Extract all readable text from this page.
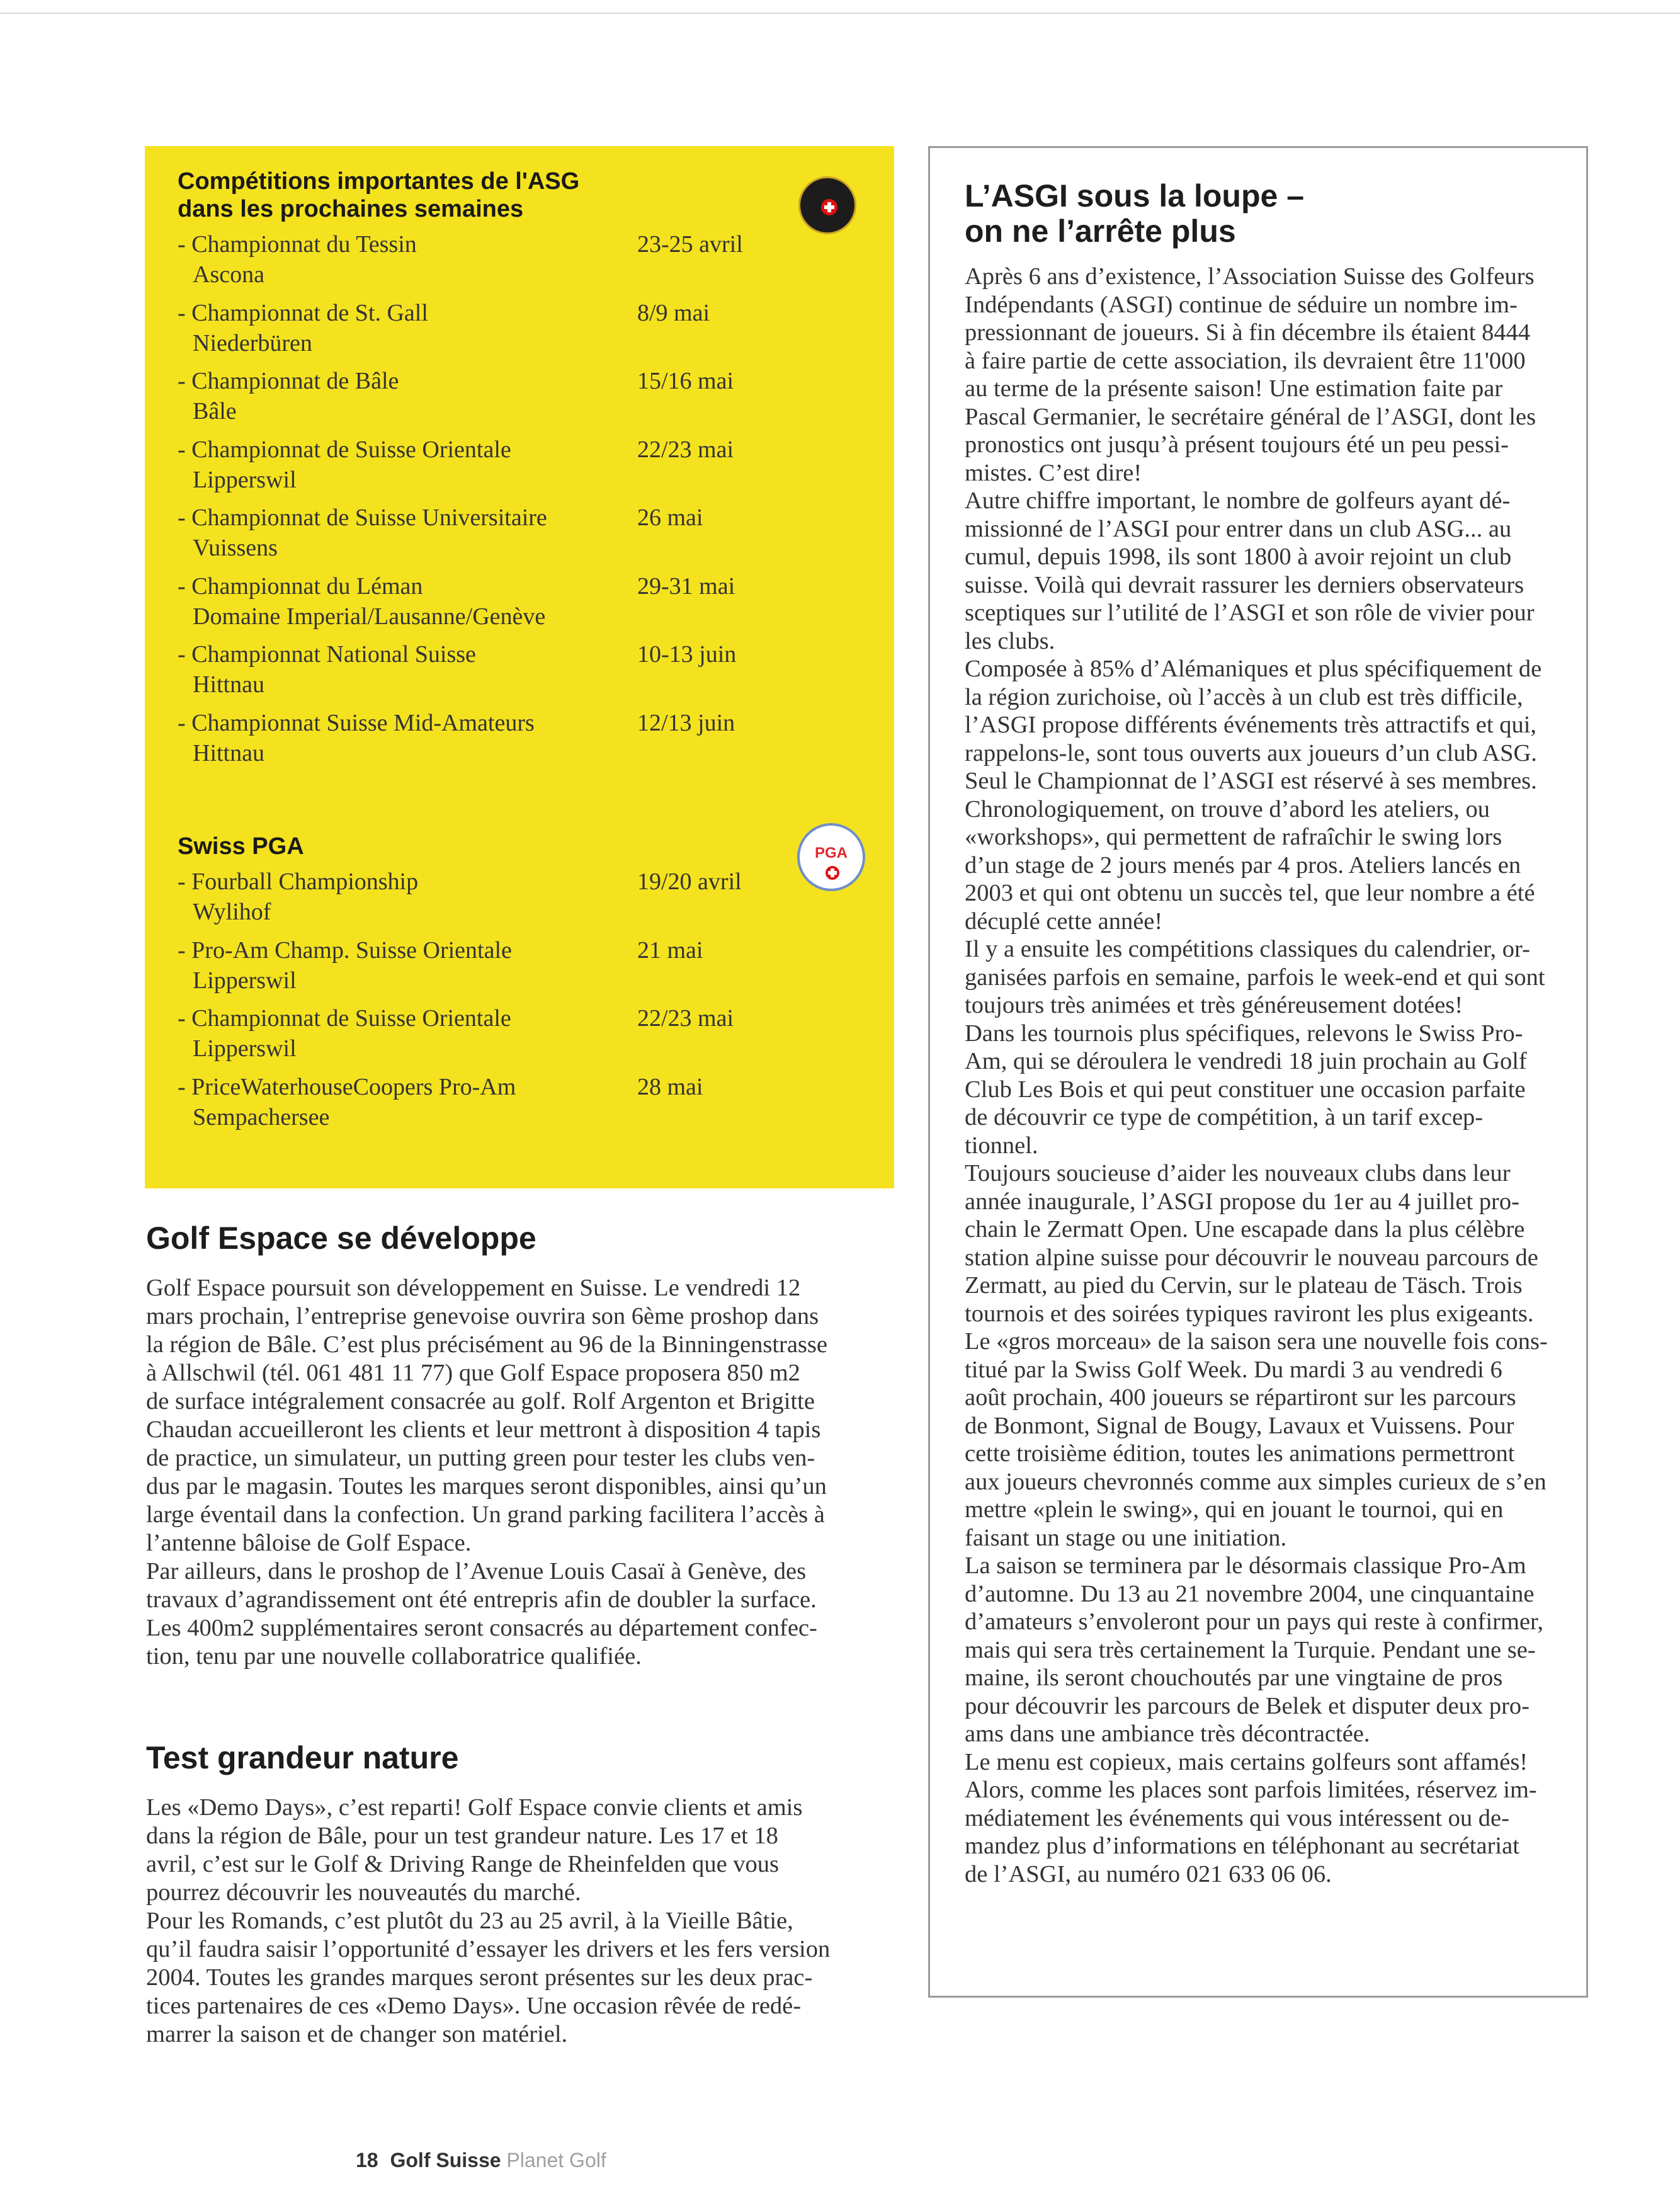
Compétitions importantes de l'ASG
dans les prochaines semaines
- Championnat du Tessin
Ascona
23-25 avril
- Championnat de St. Gall
Niederbüren
8/9 mai
- Championnat de Bâle
Bâle
15/16 mai
- Championnat de Suisse Orientale
Lipperswil
22/23 mai
- Championnat de Suisse Universitaire
Vuissens
26 mai
- Championnat du Léman
Domaine Imperial/Lausanne/Genève
29-31 mai
- Championnat National Suisse
Hittnau
10-13 juin
- Championnat Suisse Mid-Amateurs
Hittnau
12/13 juin
Swiss PGA	PGA
- Fourball Championship
Wylihof
19/20 avril
- Pro-Am Champ. Suisse Orientale
Lipperswil
21 mai
- Championnat de Suisse Orientale
Lipperswil
22/23 mai
- PriceWaterhouseCoopers Pro-Am
Sempachersee
28 mai
Golf Espace se développe

Golf Espace poursuit son développement en Suisse. Le vendredi 12

mars prochain, l’entreprise genevoise ouvrira son 6ème proshop dans

la région de Bâle. C’est plus précisément au 96 de la Binningenstrasse

à Allschwil (tél. 061 481 11 77) que Golf Espace proposera 850 m2

de surface intégralement consacrée au golf. Rolf Argenton et Brigitte

Chaudan accueilleront les clients et leur mettront à disposition 4 tapis

de practice, un simulateur, un putting green pour tester les clubs ven-

dus par le magasin. Toutes les marques seront disponibles, ainsi qu’un

large éventail dans la confection. Un grand parking facilitera l’accès à

l’antenne bâloise de Golf Espace.

Par ailleurs, dans le proshop de l’Avenue Louis Casaï à Genève, des

travaux d’agrandissement ont été entrepris afin de doubler la surface.

Les 400m2 supplémentaires seront consacrés au département confec-

tion, tenu par une nouvelle collaboratrice qualifiée.

Test grandeur nature

Les «Demo Days», c’est reparti! Golf Espace convie clients et amis

dans la région de Bâle, pour un test grandeur nature. Les 17 et 18

avril, c’est sur le Golf & Driving Range de Rheinfelden que vous

pourrez découvrir les nouveautés du marché.

Pour les Romands, c’est plutôt du 23 au 25 avril, à la Vieille Bâtie,

qu’il faudra saisir l’opportunité d’essayer les drivers et les fers version

2004. Toutes les grandes marques seront présentes sur les deux prac-

tices partenaires de ces «Demo Days». Une occasion rêvée de redé-

marrer la saison et de changer son matériel.

L’ASGI sous la loupe –
on ne l’arrête plus

Après 6 ans d’existence, l’Association Suisse des Golfeurs

Indépendants (ASGI) continue de séduire un nombre im-

pressionnant de joueurs. Si à fin décembre ils étaient 8444

à faire partie de cette association, ils devraient être 11'000

au terme de la présente saison! Une estimation faite par

Pascal Germanier, le secrétaire général de l’ASGI, dont les

pronostics ont jusqu’à présent toujours été un peu pessi-

mistes. C’est dire!

Autre chiffre important, le nombre de golfeurs ayant dé-

missionné de l’ASGI pour entrer dans un club ASG... au

cumul, depuis 1998, ils sont 1800 à avoir rejoint un club

suisse. Voilà qui devrait rassurer les derniers observateurs

sceptiques sur l’utilité de l’ASGI et son rôle de vivier pour

les clubs.

Composée à 85% d’Alémaniques et plus spécifiquement de

la région zurichoise, où l’accès à un club est très difficile,

l’ASGI propose différents événements très attractifs et qui,

rappelons-le, sont tous ouverts aux joueurs d’un club ASG.

Seul le Championnat de l’ASGI est réservé à ses membres.

Chronologiquement, on trouve d’abord les ateliers, ou

«workshops», qui permettent de rafraîchir le swing lors

d’un stage de 2 jours menés par 4 pros. Ateliers lancés en

2003 et qui ont obtenu un succès tel, que leur nombre a été

décuplé cette année!

Il y a ensuite les compétitions classiques du calendrier, or-

ganisées parfois en semaine, parfois le week-end et qui sont

toujours très animées et très généreusement dotées!

Dans les tournois plus spécifiques, relevons le Swiss Pro-

Am, qui se déroulera le vendredi 18 juin prochain au Golf

Club Les Bois et qui peut constituer une occasion parfaite

de découvrir ce type de compétition, à un tarif excep-

tionnel.

Toujours soucieuse d’aider les nouveaux clubs dans leur

année inaugurale, l’ASGI propose du 1er au 4 juillet pro-

chain le Zermatt Open. Une escapade dans la plus célèbre

station alpine suisse pour découvrir le nouveau parcours de

Zermatt, au pied du Cervin, sur le plateau de Täsch. Trois

tournois et des soirées typiques raviront les plus exigeants.

Le «gros morceau» de la saison sera une nouvelle fois cons-

titué par la Swiss Golf Week. Du mardi 3 au vendredi 6

août prochain, 400 joueurs se répartiront sur les parcours

de Bonmont, Signal de Bougy, Lavaux et Vuissens. Pour

cette troisième édition, toutes les animations permettront

aux joueurs chevronnés comme aux simples curieux de s’en

mettre «plein le swing», qui en jouant le tournoi, qui en

faisant un stage ou une initiation.

La saison se terminera par le désormais classique Pro-Am

d’automne. Du 13 au 21 novembre 2004, une cinquantaine

d’amateurs s’envoleront pour un pays qui reste à confirmer,

mais qui sera très certainement la Turquie. Pendant une se-

maine, ils seront chouchoutés par une vingtaine de pros

pour découvrir les parcours de Belek et disputer deux pro-

ams dans une ambiance très décontractée.

Le menu est copieux, mais certains golfeurs sont affamés!

Alors, comme les places sont parfois limitées, réservez im-

médiatement les événements qui vous intéressent ou de-

mandez plus d’informations en téléphonant au secrétariat

de l’ASGI, au numéro 021 633 06 06.

18 Golf Suisse Planet Golf
